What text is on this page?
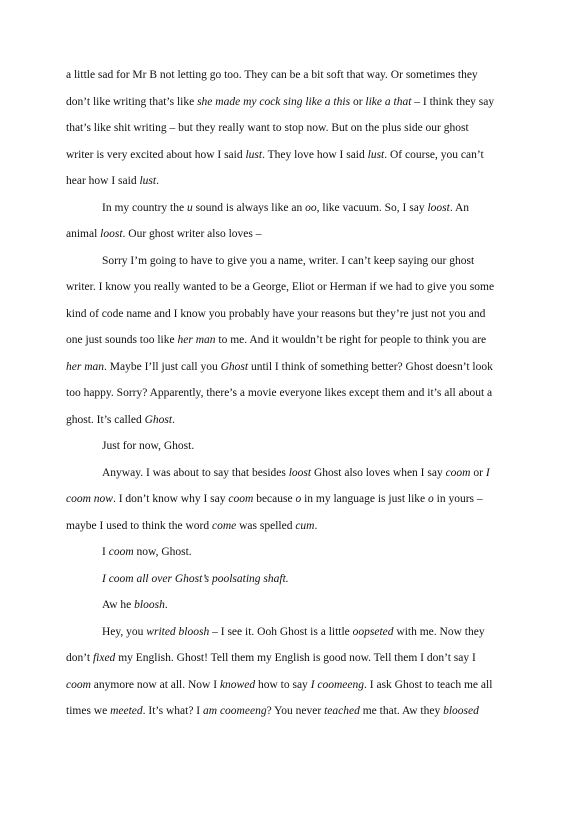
a little sad for Mr B not letting go too. They can be a bit soft that way. Or sometimes they
don’t like writing that’s like she made my cock sing like a this or like a that – I think they say
that’s like shit writing – but they really want to stop now. But on the plus side our ghost
writer is very excited about how I said lust. They love how I said lust. Of course, you can’t
hear how I said lust.
In my country the u sound is always like an oo, like vacuum. So, I say loost. An
animal loost. Our ghost writer also loves –
Sorry I’m going to have to give you a name, writer. I can’t keep saying our ghost
writer. I know you really wanted to be a George, Eliot or Herman if we had to give you some
kind of code name and I know you probably have your reasons but they’re just not you and
one just sounds too like her man to me. And it wouldn’t be right for people to think you are
her man. Maybe I’ll just call you Ghost until I think of something better? Ghost doesn’t look
too happy. Sorry? Apparently, there’s a movie everyone likes except them and it’s all about a
ghost. It’s called Ghost.
Just for now, Ghost.
Anyway. I was about to say that besides loost Ghost also loves when I say coom or I
coom now. I don’t know why I say coom because o in my language is just like o in yours –
maybe I used to think the word come was spelled cum.
I coom now, Ghost.
I coom all over Ghost’s poolsating shaft.
Aw he bloosh.
Hey, you writed bloosh – I see it. Ooh Ghost is a little oopseted with me. Now they
don’t fixed my English. Ghost! Tell them my English is good now. Tell them I don’t say I
coom anymore now at all. Now I knowed how to say I coomeeng. I ask Ghost to teach me all
times we meeted. It’s what? I am coomeeng? You never teached me that. Aw they bloosed
